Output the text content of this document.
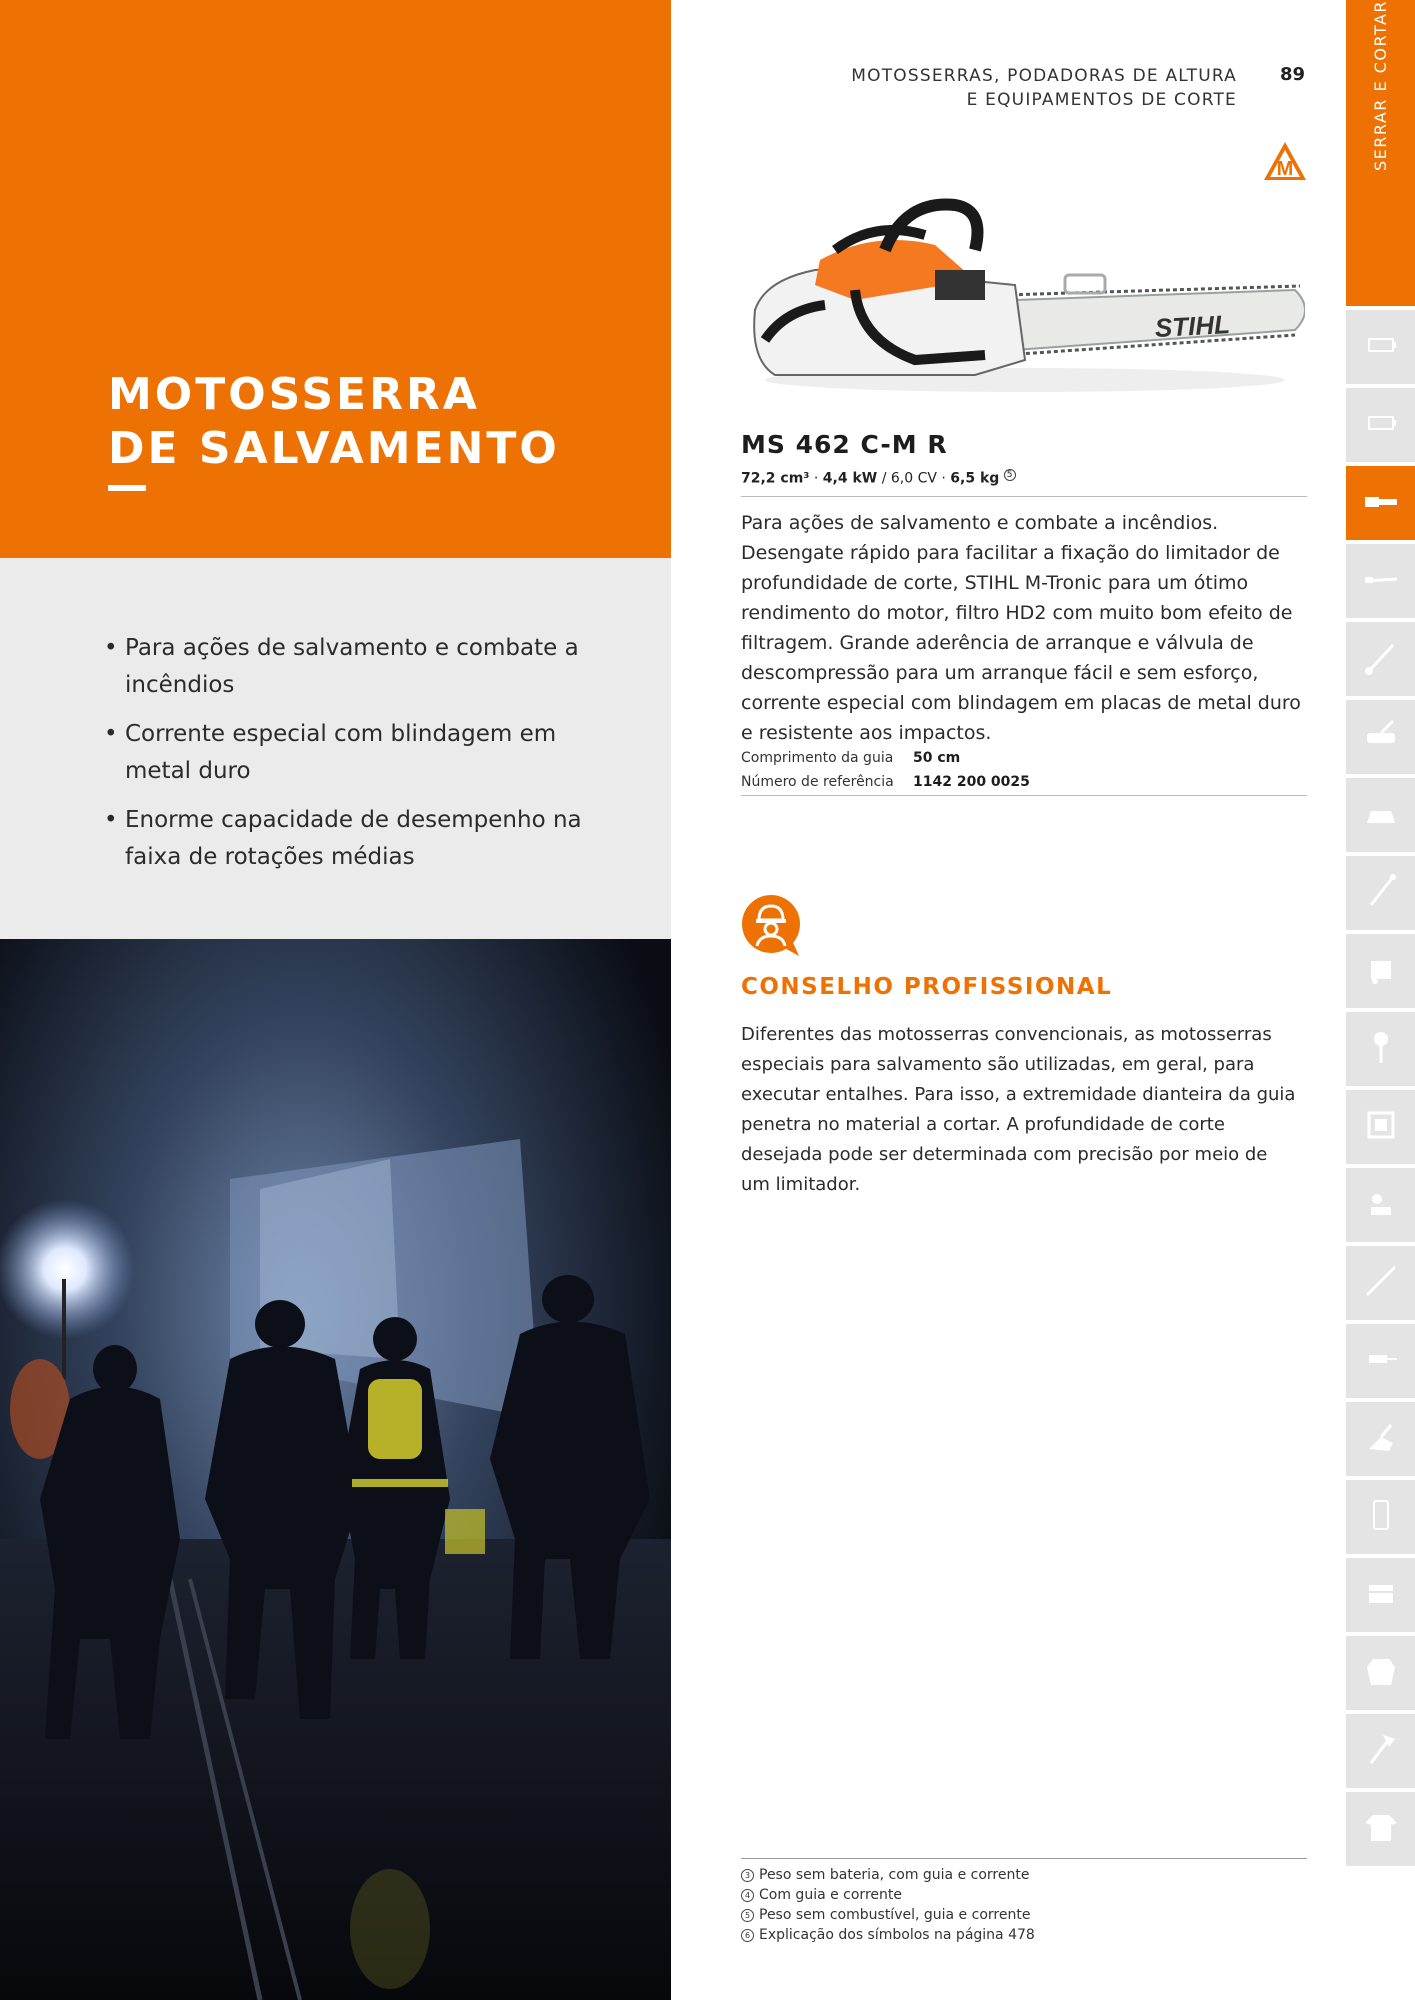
MOTOSSERRA
DE SALVAMENTO
• Para ações de salvamento e combate a incêndios
• Corrente especial com blindagem em metal duro
• Enorme capacidade de desempenho na faixa de rotações médias
MOTOSSERRAS, PODADORAS DE ALTURA
E EQUIPAMENTOS DE CORTE
89
M
STIHL
MS 462 C-M R
72,2 cm³ · 4,4 kW / 6,0 CV · 6,5 kg $^5$
Para ações de salvamento e combate a incêndios. Desengate rápido para facilitar a fixação do limitador de profundidade de corte, STIHL M-Tronic para um ótimo rendimento do motor, filtro HD2 com muito bom efeito de filtragem. Grande aderência de arranque e válvula de descompressão para um arranque fácil e sem esforço, corrente especial com blindagem em placas de metal duro e resistente aos impactos.
Comprimento da guia	50 cm
Número de referência	1142 200 0025
CONSELHO PROFISSIONAL
Diferentes das motosserras convencionais, as motosserras especiais para salvamento são utilizadas, em geral, para executar entalhes. Para isso, a extremidade dianteira da guia penetra no material a cortar. A profundidade de corte desejada pode ser determinada com precisão por meio de um limitador.
3 Peso sem bateria, com guia e corrente
4 Com guia e corrente
5 Peso sem combustível, guia e corrente
6 Explicação dos símbolos na página 478
SERRAR E CORTAR
